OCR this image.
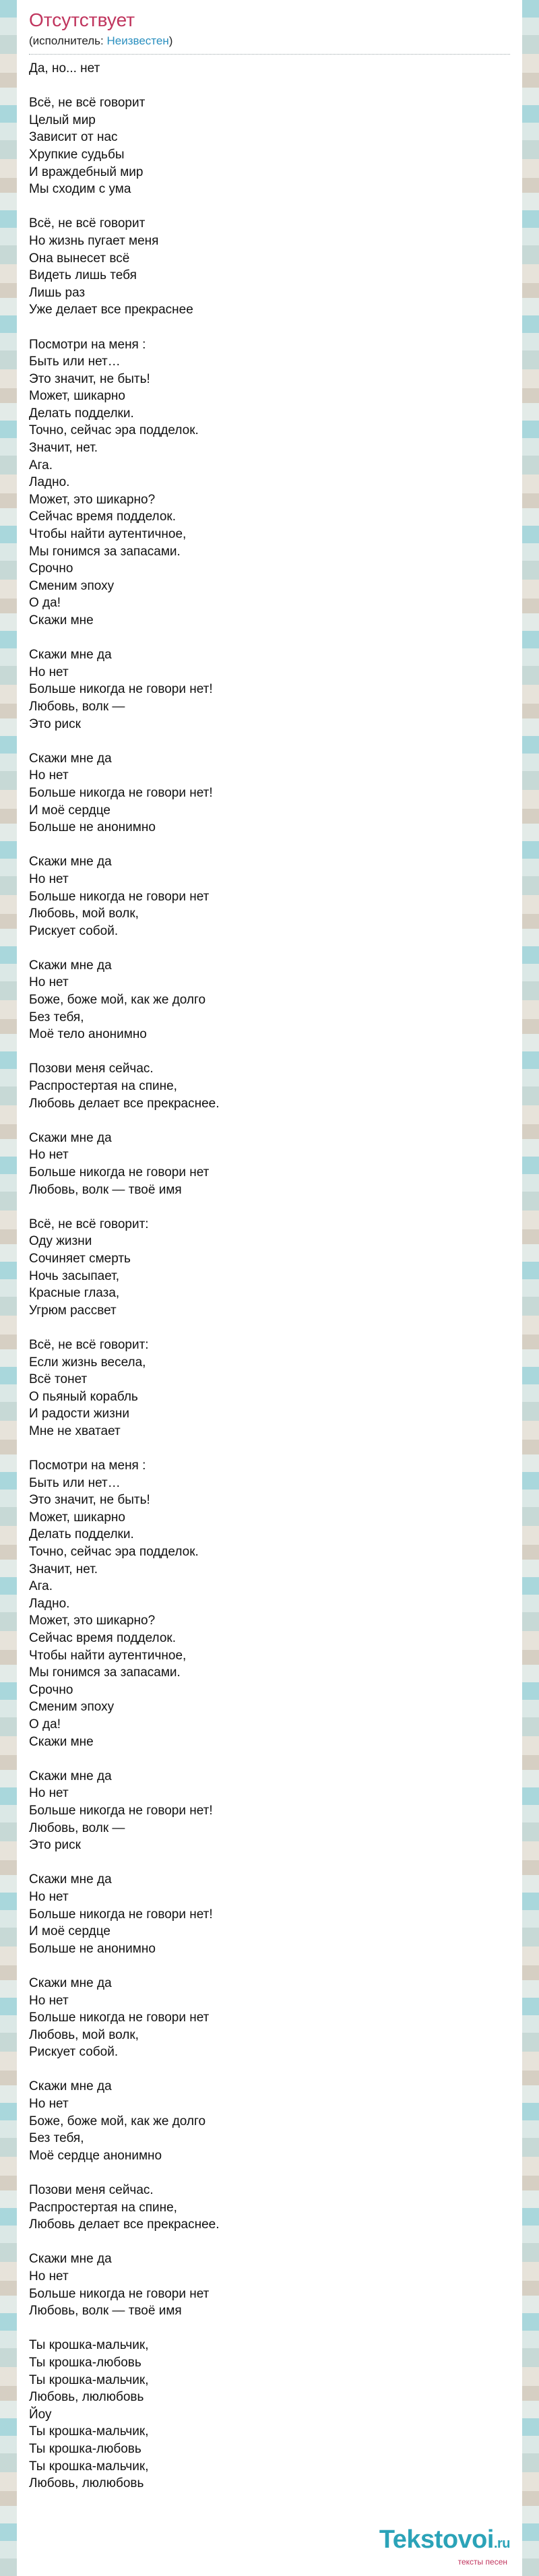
Отсутствует
(исполнитель: Неизвестен)
Да, но... нет
Всё, не всё говорит
Целый мир
Зависит от нас
Хрупкие судьбы
И враждебный мир
Мы сходим с ума
Всё, не всё говорит
Но жизнь пугает меня
Она вынесет всё
Видеть лишь тебя
Лишь раз
Уже делает все прекраснее
Посмотри на меня :
Быть или нет…
Это значит, не быть!
Может, шикарно
Делать подделки.
Точно, сейчас эра подделок.
Значит, нет.
Ага.
Ладно.
Может, это шикарно?
Сейчас время подделок.
Чтобы найти аутентичное,
Мы гонимся за запасами.
Срочно
Сменим эпоху
О да!
Скажи мне
Скажи мне да
Но нет
Больше никогда не говори нет!
Любовь, волк —
Это риск
Скажи мне да
Но нет
Больше никогда не говори нет!
И моё сердце
Больше не анонимно
Скажи мне да
Но нет
Больше никогда не говори нет
Любовь, мой волк,
Рискует собой.
Скажи мне да
Но нет
Боже, боже мой, как же долго
Без тебя,
Моё тело анонимно
Позови меня сейчас.
Распростертая на спине,
Любовь делает все прекраснее.
Скажи мне да
Но нет
Больше никогда не говори нет
Любовь, волк — твоё имя
Всё, не всё говорит:
Оду жизни
Сочиняет смерть
Ночь засыпает,
Красные глаза,
Угрюм рассвет
Всё, не всё говорит:
Если жизнь весела,
Всё тонет
О пьяный корабль
И радости жизни
Мне не хватает
Посмотри на меня :
Быть или нет…
Это значит, не быть!
Может, шикарно
Делать подделки.
Точно, сейчас эра подделок.
Значит, нет.
Ага.
Ладно.
Может, это шикарно?
Сейчас время подделок.
Чтобы найти аутентичное,
Мы гонимся за запасами.
Срочно
Сменим эпоху
О да!
Скажи мне
Скажи мне да
Но нет
Больше никогда не говори нет!
Любовь, волк —
Это риск
Скажи мне да
Но нет
Больше никогда не говори нет!
И моё сердце
Больше не анонимно
Скажи мне да
Но нет
Больше никогда не говори нет
Любовь, мой волк,
Рискует собой.
Скажи мне да
Но нет
Боже, боже мой, как же долго
Без тебя,
Моё сердце анонимно
Позови меня сейчас.
Распростертая на спине,
Любовь делает все прекраснее.
Скажи мне да
Но нет
Больше никогда не говори нет
Любовь, волк — твоё имя
Ты крошка-мальчик,
Ты крошка-любовь
Ты крошка-мальчик,
Любовь, люлюбовь
Йоу
Ты крошка-мальчик,
Ты крошка-любовь
Ты крошка-мальчик,
Любовь, люлюбовь
Tekstovoi.ru
тексты песен
